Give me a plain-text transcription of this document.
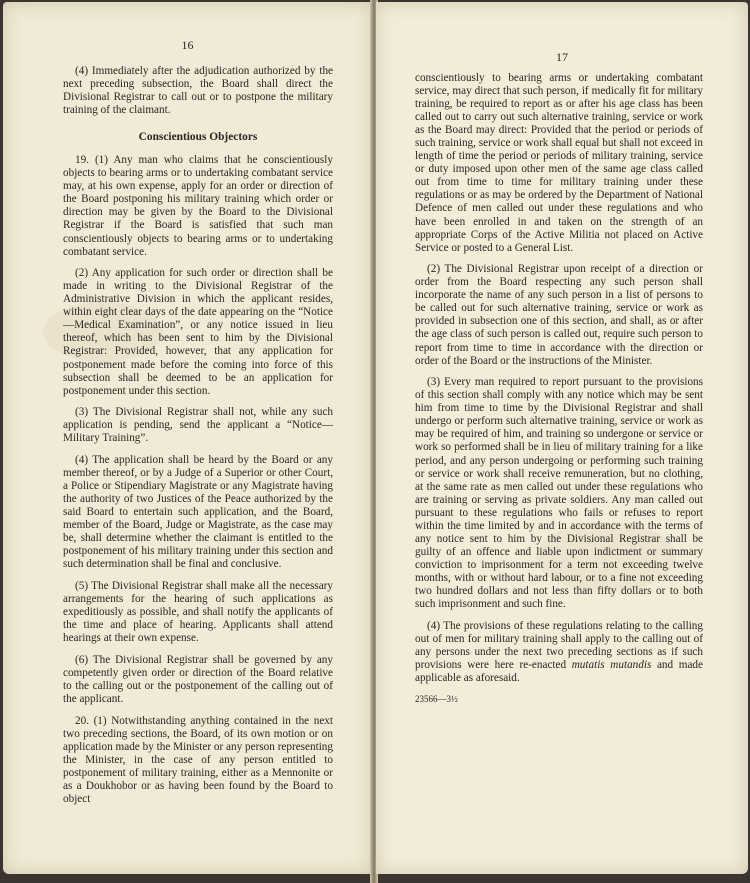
16

(4) Immediately after the adjudication authorized by the next preceding subsection, the Board shall direct the Divisional Registrar to call out or to postpone the military training of the claimant.

Conscientious Objectors

19. (1) Any man who claims that he conscientiously objects to bearing arms or to undertaking combatant service may, at his own expense, apply for an order or direction of the Board postponing his military training which order or direction may be given by the Board to the Divisional Registrar if the Board is satisfied that such man conscientiously objects to bearing arms or to undertaking combatant service.

(2) Any application for such order or direction shall be made in writing to the Divisional Registrar of the Administrative Division in which the applicant resides, within eight clear days of the date appearing on the “Notice—Medical Examination”, or any notice issued in lieu thereof, which has been sent to him by the Divisional Registrar: Provided, however, that any application for postponement made before the coming into force of this subsection shall be deemed to be an application for postponement under this section.

(3) The Divisional Registrar shall not, while any such application is pending, send the applicant a “Notice—Military Training”.

(4) The application shall be heard by the Board or any member thereof, or by a Judge of a Superior or other Court, a Police or Stipendiary Magistrate or any Magistrate having the authority of two Justices of the Peace authorized by the said Board to entertain such application, and the Board, member of the Board, Judge or Magistrate, as the case may be, shall determine whether the claimant is entitled to the postponement of his military training under this section and such determination shall be final and conclusive.

(5) The Divisional Registrar shall make all the necessary arrangements for the hearing of such applications as expeditiously as possible, and shall notify the applicants of the time and place of hearing. Applicants shall attend hearings at their own expense.

(6) The Divisional Registrar shall be governed by any competently given order or direction of the Board relative to the calling out or the postponement of the calling out of the applicant.

20. (1) Notwithstanding anything contained in the next two preceding sections, the Board, of its own motion or on application made by the Minister or any person representing the Minister, in the case of any person entitled to postponement of military training, either as a Mennonite or as a Doukhobor or as having been found by the Board to object

17

conscientiously to bearing arms or undertaking combatant service, may direct that such person, if medically fit for military training, be required to report as or after his age class has been called out to carry out such alternative training, service or work as the Board may direct: Provided that the period or periods of such training, service or work shall equal but shall not exceed in length of time the period or periods of military training, service or duty imposed upon other men of the same age class called out from time to time for military training under these regulations or as may be ordered by the Department of National Defence of men called out under these regulations and who have been enrolled in and taken on the strength of an appropriate Corps of the Active Militia not placed on Active Service or posted to a General List.

(2) The Divisional Registrar upon receipt of a direction or order from the Board respecting any such person shall incorporate the name of any such person in a list of persons to be called out for such alternative training, service or work as provided in subsection one of this section, and shall, as or after the age class of such person is called out, require such person to report from time to time in accordance with the direction or order of the Board or the instructions of the Minister.

(3) Every man required to report pursuant to the provisions of this section shall comply with any notice which may be sent him from time to time by the Divisional Registrar and shall undergo or perform such alternative training, service or work as may be required of him, and training so undergone or service or work so performed shall be in lieu of military training for a like period, and any person undergoing or performing such training or service or work shall receive remuneration, but no clothing, at the same rate as men called out under these regulations who are training or serving as private soldiers. Any man called out pursuant to these regulations who fails or refuses to report within the time limited by and in accordance with the terms of any notice sent to him by the Divisional Registrar shall be guilty of an offence and liable upon indictment or summary conviction to imprisonment for a term not exceeding twelve months, with or without hard labour, or to a fine not exceeding two hundred dollars and not less than fifty dollars or to both such imprisonment and such fine.

(4) The provisions of these regulations relating to the calling out of men for military training shall apply to the calling out of any persons under the next two preceding sections as if such provisions were here re-enacted mutatis mutandis and made applicable as aforesaid.

23566—3½
